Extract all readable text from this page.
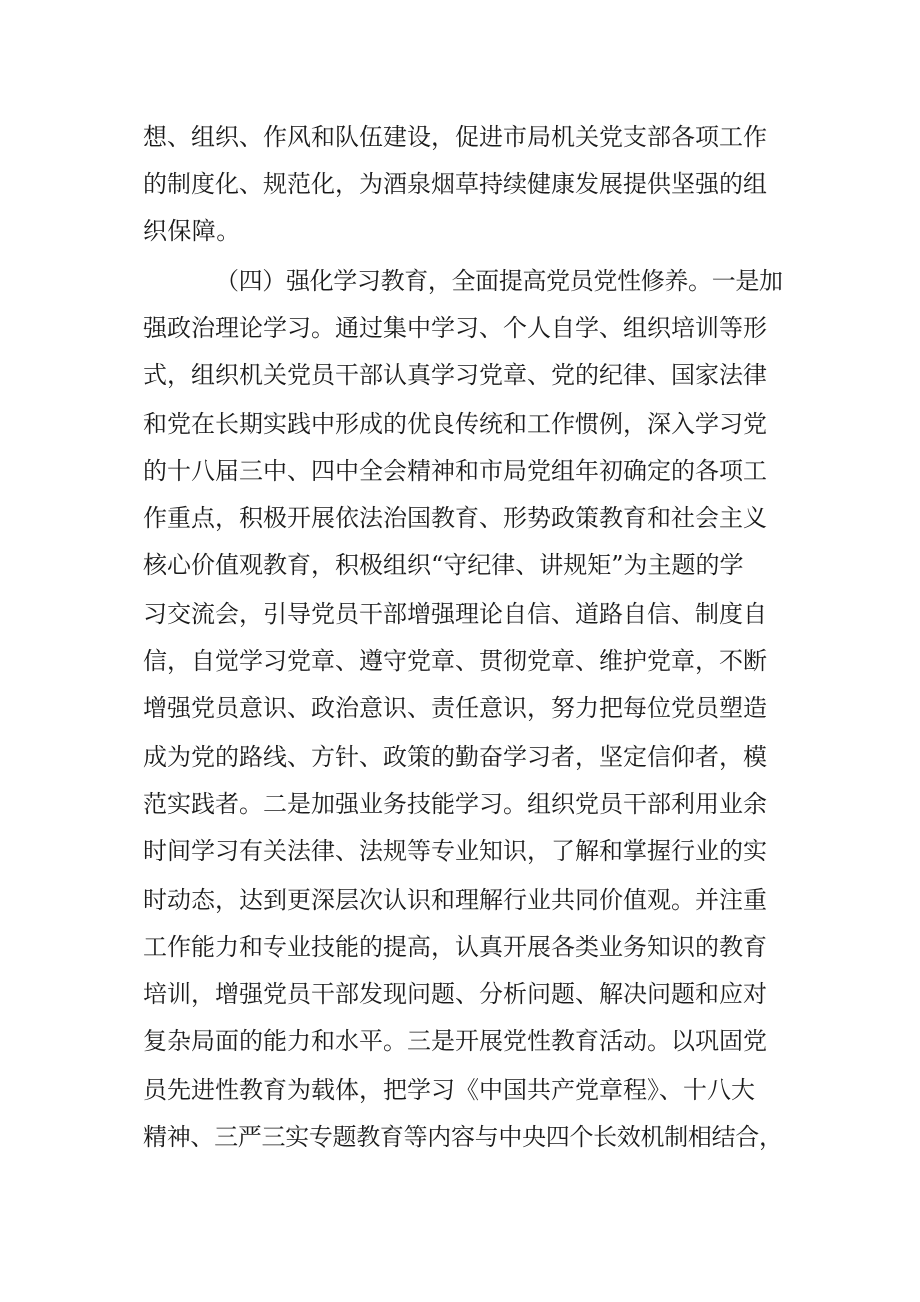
想、组织、作风和队伍建设，促进市局机关党支部各项工作
的制度化、规范化，为酒泉烟草持续健康发展提供坚强的组
织保障。
（四）强化学习教育，全面提高党员党性修养。一是加
强政治理论学习。通过集中学习、个人自学、组织培训等形
式，组织机关党员干部认真学习党章、党的纪律、国家法律
和党在长期实践中形成的优良传统和工作惯例，深入学习党
的十八届三中、四中全会精神和市局党组年初确定的各项工
作重点，积极开展依法治国教育、形势政策教育和社会主义
核心价值观教育，积极组织“守纪律、讲规矩”为主题的学
习交流会，引导党员干部增强理论自信、道路自信、制度自
信，自觉学习党章、遵守党章、贯彻党章、维护党章，不断
增强党员意识、政治意识、责任意识，努力把每位党员塑造
成为党的路线、方针、政策的勤奋学习者，坚定信仰者，模
范实践者。二是加强业务技能学习。组织党员干部利用业余
时间学习有关法律、法规等专业知识，了解和掌握行业的实
时动态，达到更深层次认识和理解行业共同价值观。并注重
工作能力和专业技能的提高，认真开展各类业务知识的教育
培训，增强党员干部发现问题、分析问题、解决问题和应对
复杂局面的能力和水平。三是开展党性教育活动。以巩固党
员先进性教育为载体，把学习《中国共产党章程》、十八大
精神、三严三实专题教育等内容与中央四个长效机制相结合，
